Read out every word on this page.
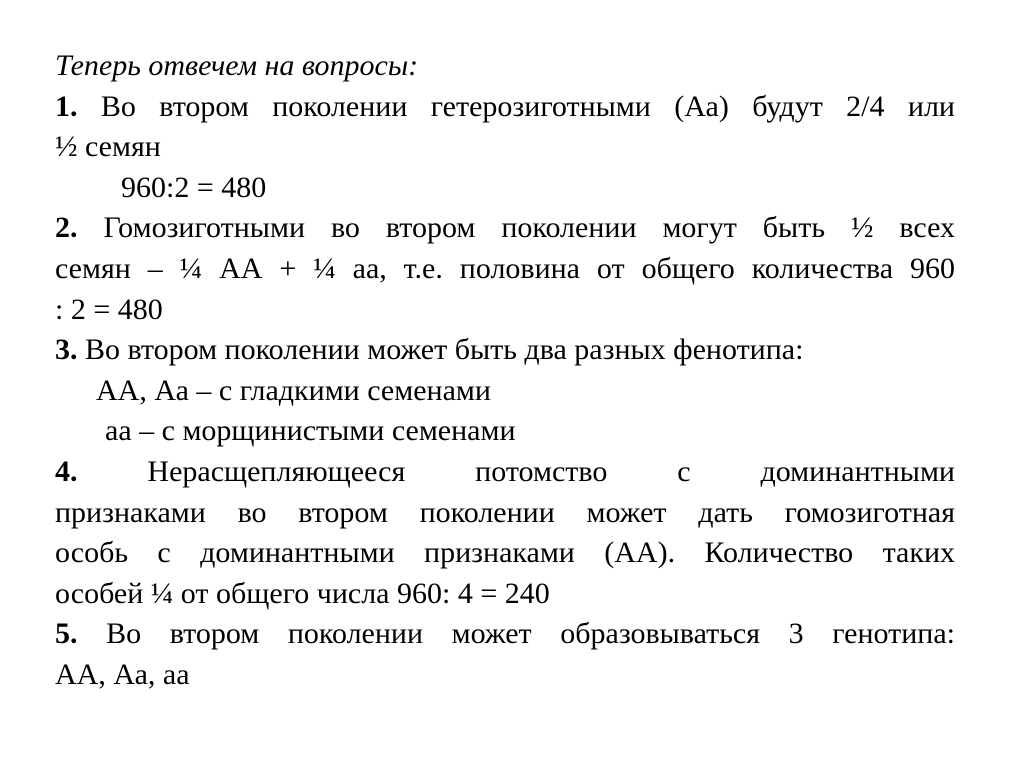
Теперь отвечем на вопросы:
1. Во втором поколении гетерозиготными (Аа) будут 2/4 или
½ семян
960:2 = 480
2. Гомозиготными во втором поколении могут быть ½ всех
семян – ¼ АА + ¼ аа, т.е. половина от общего количества 960
: 2 = 480
3. Во втором поколении может быть два разных фенотипа:
АА, Аа – с гладкими семенами
аа – с морщинистыми семенами
4. Нерасщепляющееся потомство с доминантными
признаками во втором поколении может дать гомозиготная
особь с доминантными признаками (АА). Количество таких
особей ¼ от общего числа 960: 4 = 240
5. Во втором поколении может образовываться 3 генотипа:
АА, Аа, аа
